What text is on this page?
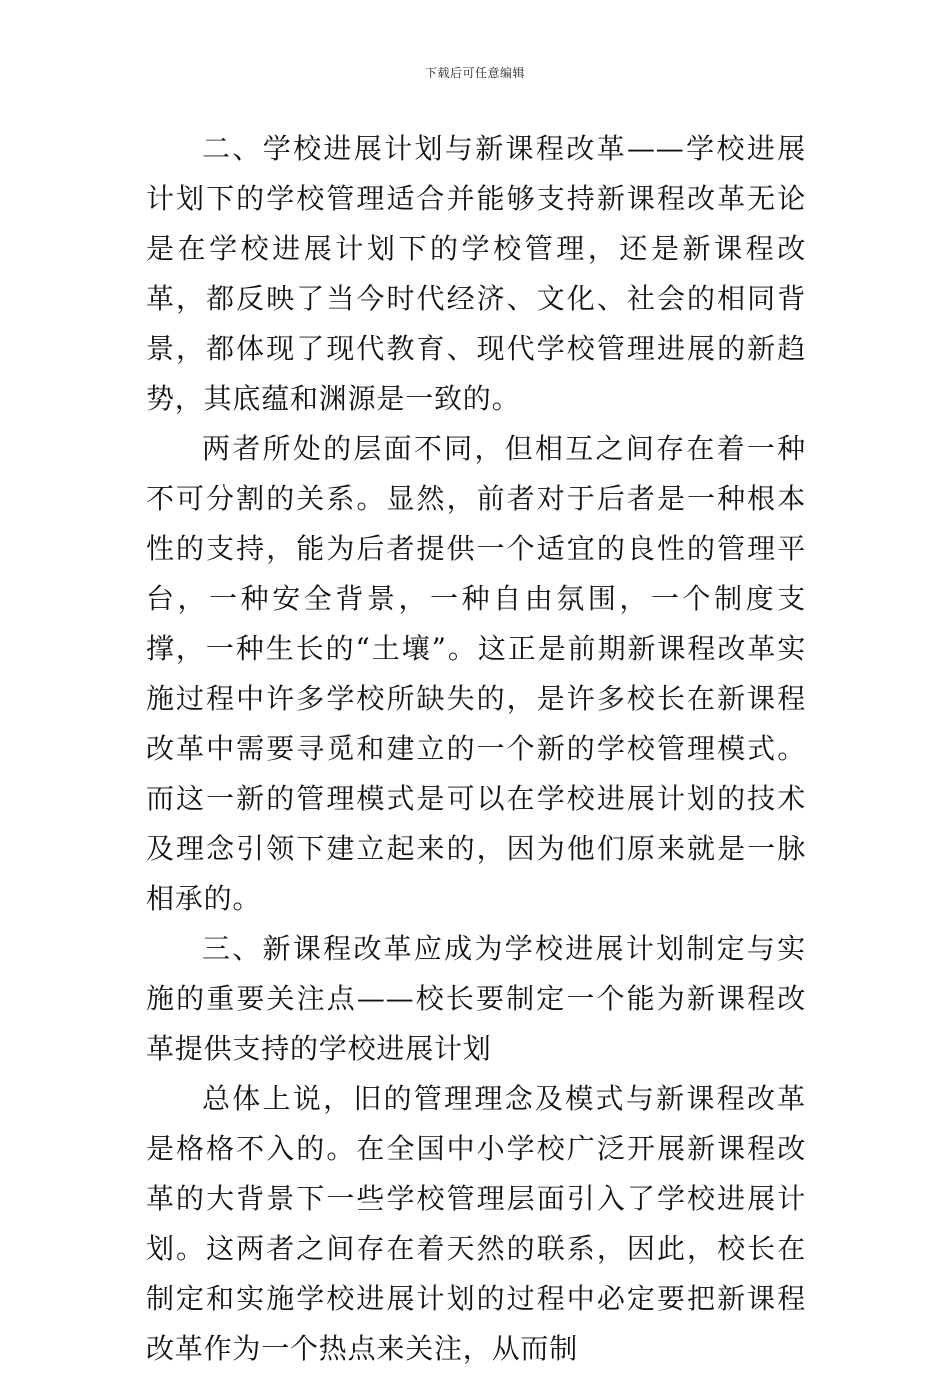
下载后可任意编辑

二、学校进展计划与新课程改革——学校进展计划下的学校管理适合并能够支持新课程改革无论是在学校进展计划下的学校管理，还是新课程改革，都反映了当今时代经济、文化、社会的相同背景，都体现了现代教育、现代学校管理进展的新趋势，其底蕴和渊源是一致的。

两者所处的层面不同，但相互之间存在着一种不可分割的关系。显然，前者对于后者是一种根本性的支持，能为后者提供一个适宜的良性的管理平台，一种安全背景，一种自由氛围，一个制度支撑，一种生长的“土壤”。这正是前期新课程改革实施过程中许多学校所缺失的，是许多校长在新课程改革中需要寻觅和建立的一个新的学校管理模式。而这一新的管理模式是可以在学校进展计划的技术及理念引领下建立起来的，因为他们原来就是一脉相承的。

三、新课程改革应成为学校进展计划制定与实施的重要关注点——校长要制定一个能为新课程改革提供支持的学校进展计划

总体上说，旧的管理理念及模式与新课程改革是格格不入的。在全国中小学校广泛开展新课程改革的大背景下一些学校管理层面引入了学校进展计划。这两者之间存在着天然的联系，因此，校长在制定和实施学校进展计划的过程中必定要把新课程改革作为一个热点来关注，从而制
